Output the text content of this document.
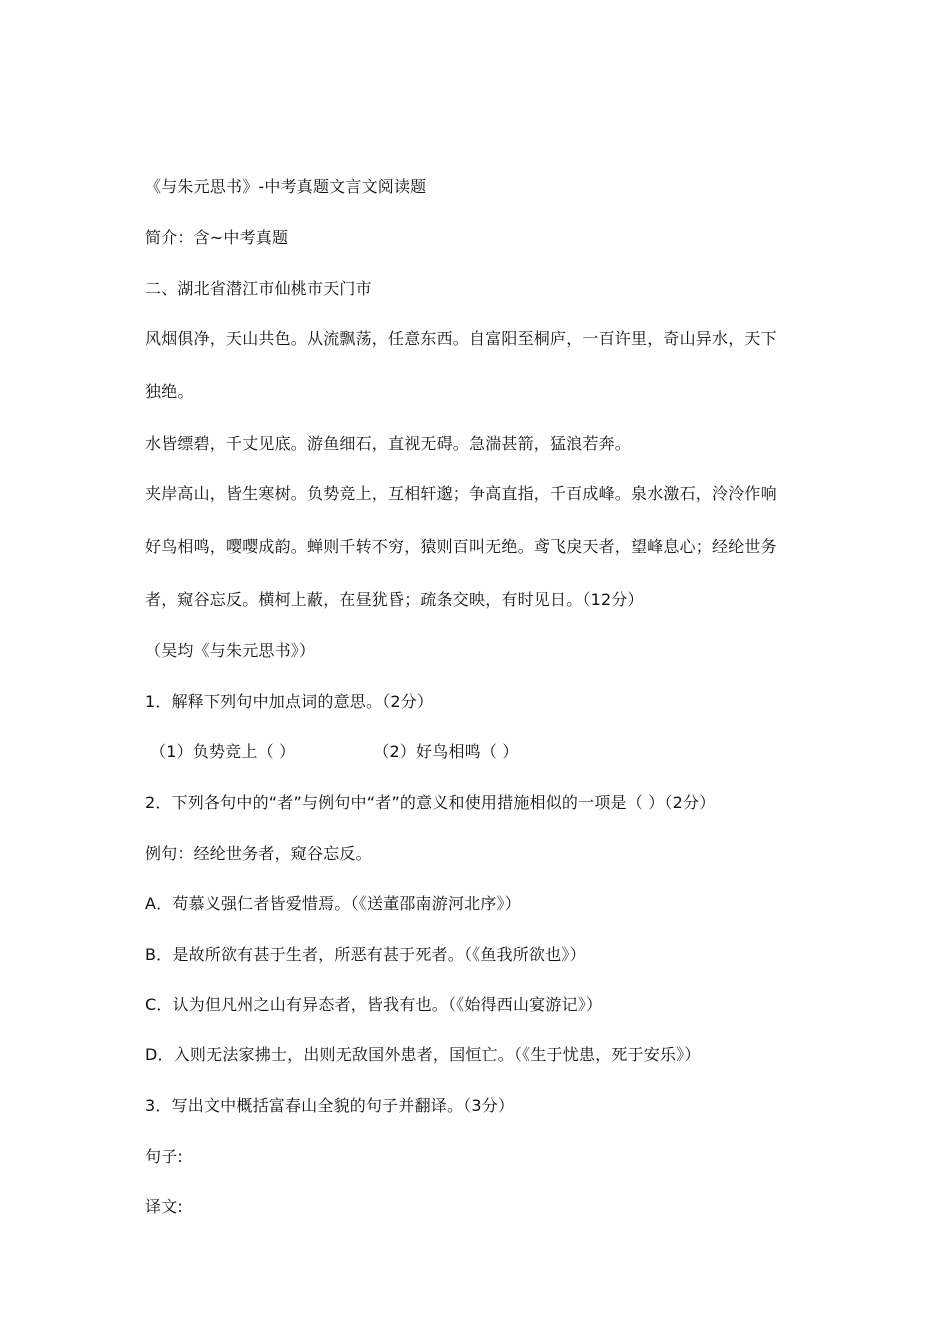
《与朱元思书》-中考真题文言文阅读题
简介：含~中考真题
二、湖北省潜江市仙桃市天门市
风烟俱净，天山共色。从流飘荡，任意东西。自富阳至桐庐，一百许里，奇山异水，天下
独绝。
水皆缥碧，千丈见底。游鱼细石，直视无碍。急湍甚箭，猛浪若奔。
夹岸高山，皆生寒树。负势竞上，互相轩邈；争高直指，千百成峰。泉水激石，泠泠作响
好鸟相鸣，嘤嘤成韵。蝉则千转不穷，猿则百叫无绝。鸢飞戾天者，望峰息心；经纶世务
者，窥谷忘反。横柯上蔽，在昼犹昏；疏条交映，有时见日。（12分）
（吴均《与朱元思书》）
1．解释下列句中加点词的意思。（2分）
（1）负势竞上（ ）	（2）好鸟相鸣（ ）
2．下列各句中的“者”与例句中“者”的意义和使用措施相似的一项是（ ）（2分）
例句：经纶世务者，窥谷忘反。
A．苟慕义强仁者皆爱惜焉。（《送董邵南游河北序》）
B．是故所欲有甚于生者，所恶有甚于死者。（《鱼我所欲也》）
C．认为但凡州之山有异态者，皆我有也。（《始得西山宴游记》）
D．入则无法家拂士，出则无敌国外患者，国恒亡。（《生于忧患，死于安乐》）
3．写出文中概括富春山全貌的句子并翻译。（3分）
句子:
译文:
